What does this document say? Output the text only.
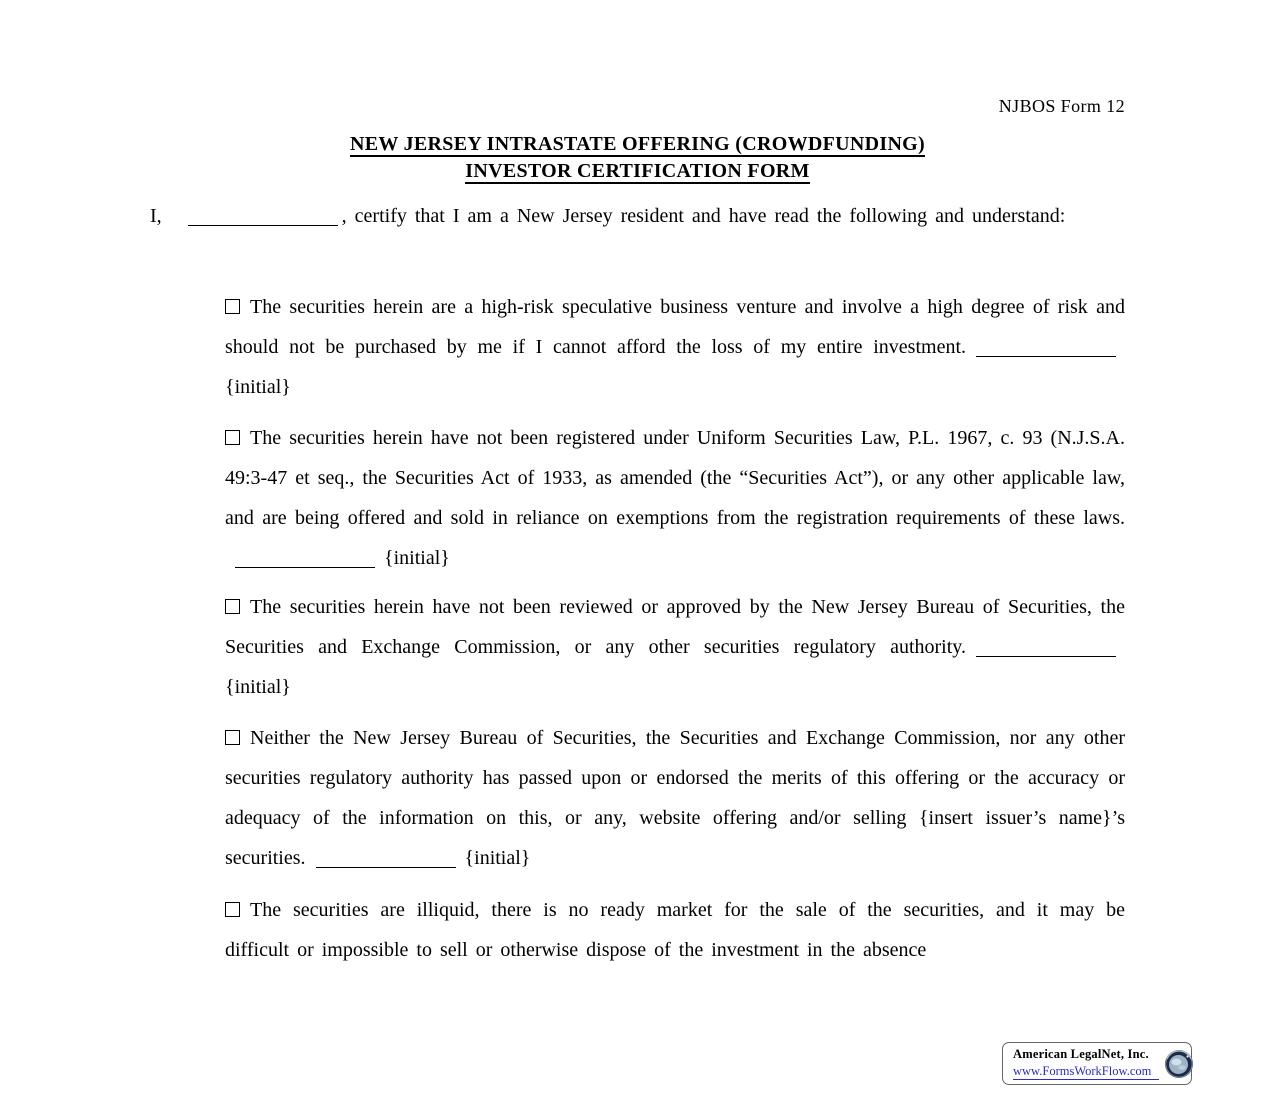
NJBOS Form 12
NEW JERSEY INTRASTATE OFFERING (CROWDFUNDING)
INVESTOR CERTIFICATION FORM
I,	, certify that I am a New Jersey resident and have read the following and understand:
The securities herein are a high-risk speculative business venture and involve a high degree of risk and should not be purchased by me if I cannot afford the loss of my entire investment.{initial}
The securities herein have not been registered under Uniform Securities Law, P.L. 1967, c. 93 (N.J.S.A. 49:3-47 et seq., the Securities Act of 1933, as amended (the “Securities Act”), or any other applicable law, and are being offered and sold in reliance on exemptions from the registration requirements of these laws.{initial}
The securities herein have not been reviewed or approved by the New Jersey Bureau of Securities, the Securities and Exchange Commission, or any other securities regulatory authority.{initial}
Neither the New Jersey Bureau of Securities, the Securities and Exchange Commission, nor any other securities regulatory authority has passed upon or endorsed the merits of this offering or the accuracy or adequacy of the information on this, or any, website offering and/or selling {insert issuer’s name}’s securities.	{initial}
The securities are illiquid, there is no ready market for the sale of the securities, and it may be difficult or impossible to sell or otherwise dispose of the investment in the absence
American LegalNet, Inc.
www.FormsWorkFlow.com
